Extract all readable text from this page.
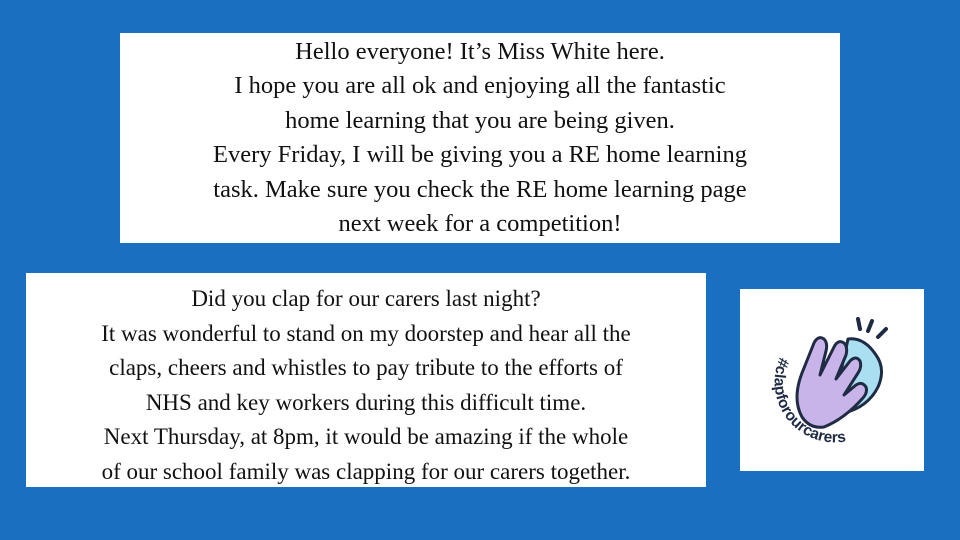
Hello everyone! It’s Miss White here.
I hope you are all ok and enjoying all the fantastic
home learning that you are being given.
Every Friday, I will be giving you a RE home learning
task. Make sure you check the RE home learning page
next week for a competition!
Did you clap for our carers last night?
It was wonderful to stand on my doorstep and hear all the
claps, cheers and whistles to pay tribute to the efforts of
NHS and key workers during this difficult time.
Next Thursday, at 8pm, it would be amazing if the whole
of our school family was clapping for our carers together.
#clapforourcarers
